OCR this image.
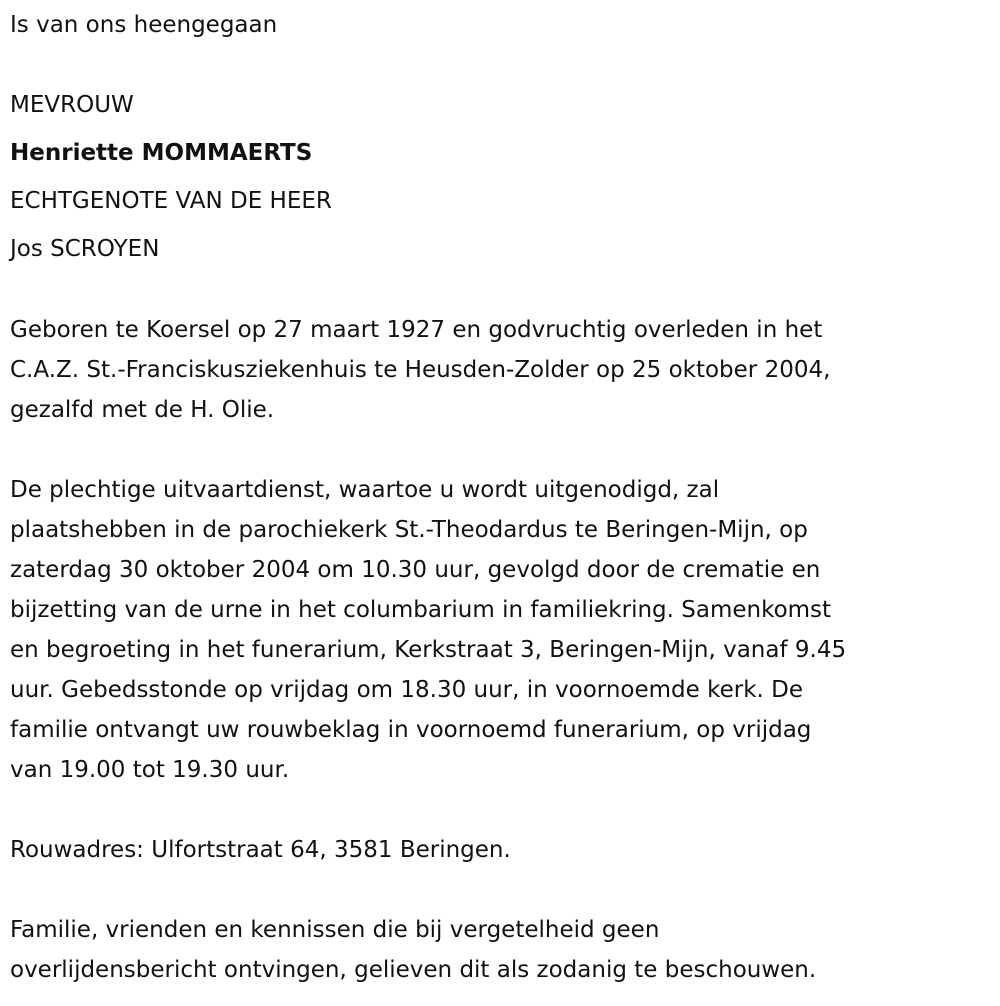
Is van ons heengegaan
MEVROUW
Henriette MOMMAERTS
ECHTGENOTE VAN DE HEER
Jos SCROYEN
Geboren te Koersel op 27 maart 1927 en godvruchtig overleden in het
C.A.Z. St.-Franciskusziekenhuis te Heusden-Zolder op 25 oktober 2004,
gezalfd met de H. Olie.
De plechtige uitvaartdienst, waartoe u wordt uitgenodigd, zal
plaatshebben in de parochiekerk St.-Theodardus te Beringen-Mijn, op
zaterdag 30 oktober 2004 om 10.30 uur, gevolgd door de crematie en
bijzetting van de urne in het columbarium in familiekring. Samenkomst
en begroeting in het funerarium, Kerkstraat 3, Beringen-Mijn, vanaf 9.45
uur. Gebedsstonde op vrijdag om 18.30 uur, in voornoemde kerk. De
familie ontvangt uw rouwbeklag in voornoemd funerarium, op vrijdag
van 19.00 tot 19.30 uur.
Rouwadres: Ulfortstraat 64, 3581 Beringen.
Familie, vrienden en kennissen die bij vergetelheid geen
overlijdensbericht ontvingen, gelieven dit als zodanig te beschouwen.
